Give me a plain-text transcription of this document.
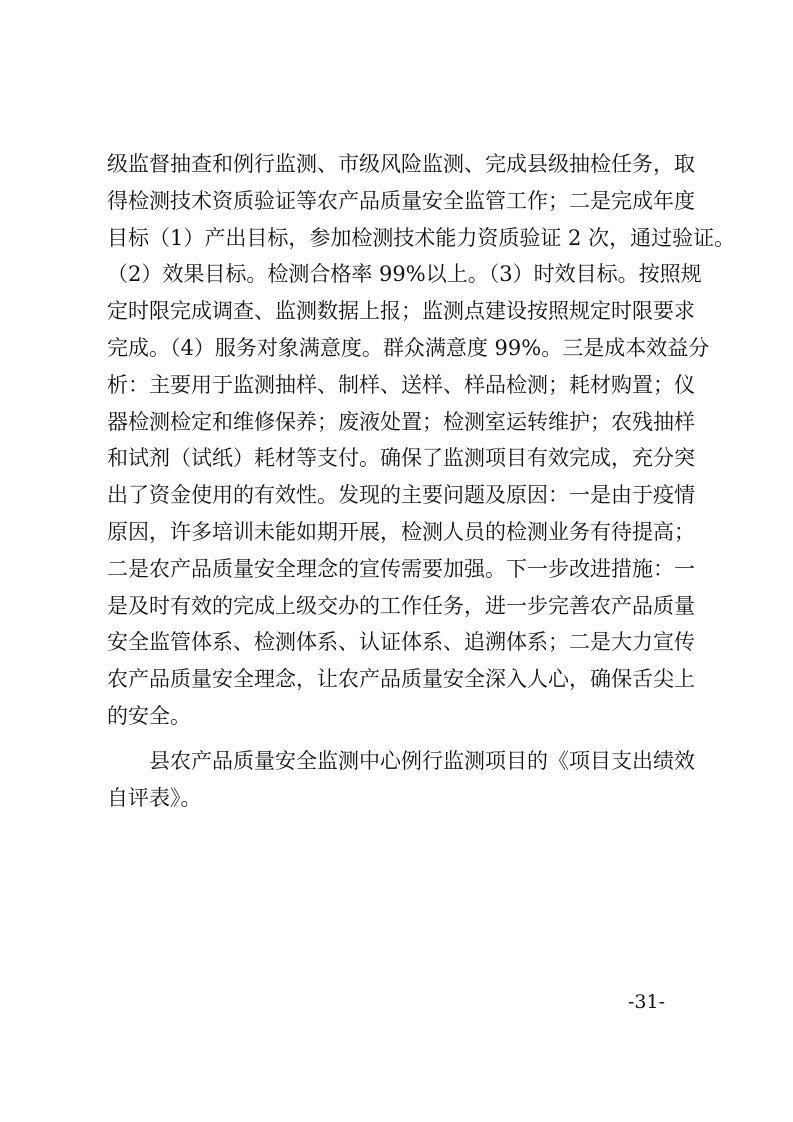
级监督抽查和例行监测、市级风险监测、完成县级抽检任务，取
得检测技术资质验证等农产品质量安全监管工作；二是完成年度
目标（1）产出目标，参加检测技术能力资质验证 2 次，通过验证。
（2）效果目标。检测合格率 99%以上。（3）时效目标。按照规
定时限完成调查、监测数据上报；监测点建设按照规定时限要求
完成。（4）服务对象满意度。群众满意度 99%。三是成本效益分
析：主要用于监测抽样、制样、送样、样品检测；耗材购置；仪
器检测检定和维修保养；废液处置；检测室运转维护；农残抽样
和试剂（试纸）耗材等支付。确保了监测项目有效完成，充分突
出了资金使用的有效性。发现的主要问题及原因：一是由于疫情
原因，许多培训未能如期开展，检测人员的检测业务有待提高；
二是农产品质量安全理念的宣传需要加强。下一步改进措施：一
是及时有效的完成上级交办的工作任务，进一步完善农产品质量
安全监管体系、检测体系、认证体系、追溯体系；二是大力宣传
农产品质量安全理念，让农产品质量安全深入人心，确保舌尖上
的安全。
县农产品质量安全监测中心例行监测项目的《项目支出绩效
自评表》。
-31-
